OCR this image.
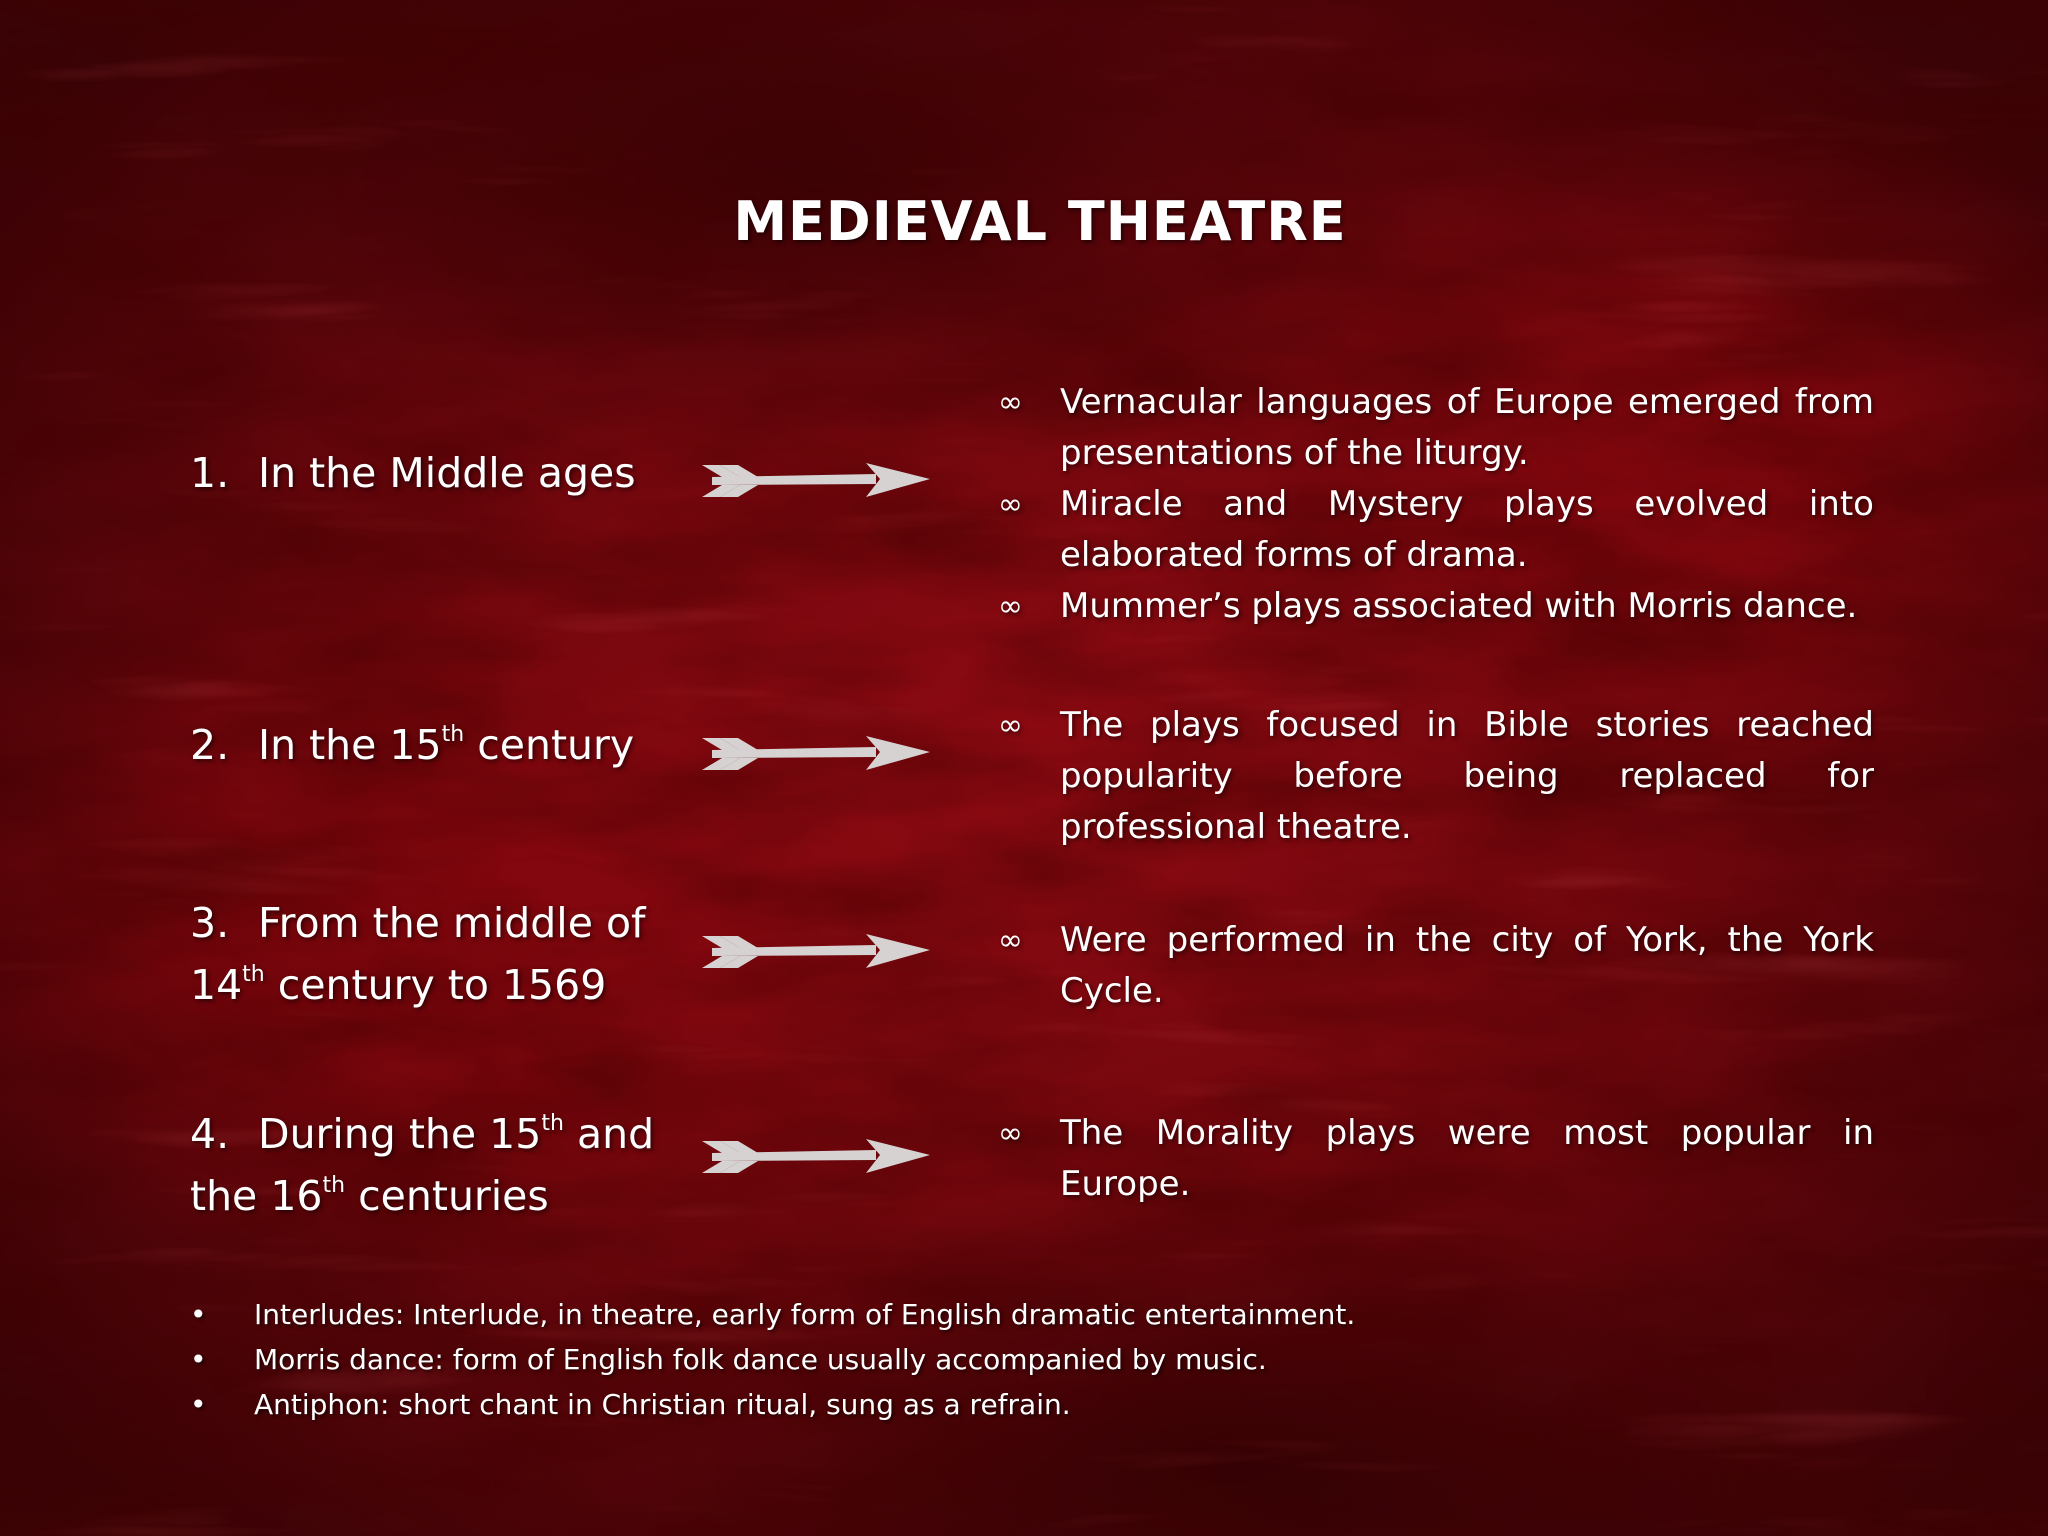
MEDIEVAL THEATRE
1. In the Middle ages
∞ Vernacular languages of Europe emerged from presentations of the liturgy.
∞ Miracle and Mystery plays evolved into elaborated forms of drama.
∞ Mummer’s plays associated with Morris dance.
2. In the 15th century	∞ The plays focused in Bible stories reached popularity before being replaced for professional theatre.
3. From the middle of
14th century to 1569
∞ Were performed in the city of York, the York Cycle.
4. During the 15th and
the 16th centuries
∞ The Morality plays were most popular in Europe.
• Interludes: Interlude, in theatre, early form of English dramatic entertainment.
• Morris dance: form of English folk dance usually accompanied by music.
• Antiphon: short chant in Christian ritual, sung as a refrain.
